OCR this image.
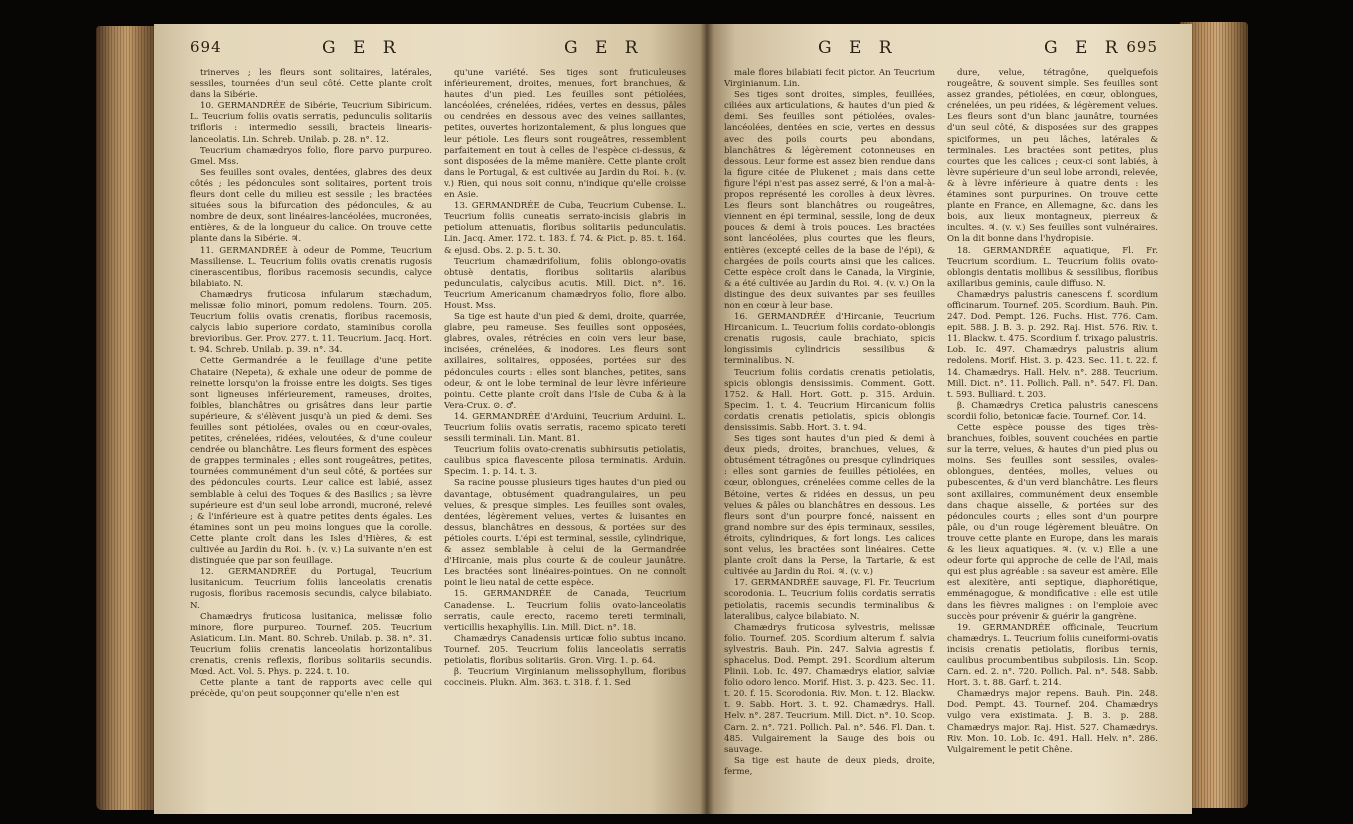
694	G E R	G E R

trinerves ; les fleurs sont solitaires, latérales, sessiles, tournées d'un seul côté. Cette plante croît dans la Sibérie.

10. GERMANDRÉE de Sibérie, Teucrium Sibiricum. L. Teucrium foliis ovatis serratis, pedunculis solitariis trifloris : intermedio sessili, bracteis linearis-lanceolatis. Lin. Schreb. Unilab. p. 28. n°. 12.

Teucrium chamædryos folio, flore parvo purpureo. Gmel. Mss.

Ses feuilles sont ovales, dentées, glabres des deux côtés ; les pédoncules sont solitaires, portent trois fleurs dont celle du milieu est sessile ; les bractées situées sous la bifurcation des pédoncules, & au nombre de deux, sont linéaires-lancéolées, mucronées, entières, & de la longueur du calice. On trouve cette plante dans la Sibérie. ♃.

11. GERMANDRÉE à odeur de Pomme, Teucrium Massiliense. L. Teucrium foliis ovatis crenatis rugosis cinerascentibus, floribus racemosis secundis, calyce bilabiato. N.

Chamædrys fruticosa infularum stæchadum, melissæ folio minori, pomum redolens. Tourn. 205. Teucrium foliis ovatis crenatis, floribus racemosis, calycis labio superiore cordato, staminibus corolla brevioribus. Ger. Prov. 277. t. 11. Teucrium. Jacq. Hort. t. 94. Schreb. Unilab. p. 39. n°. 34.

Cette Germandrée a le feuillage d'une petite Chataire (Nepeta), & exhale une odeur de pomme de reinette lorsqu'on la froisse entre les doigts. Ses tiges sont ligneuses inférieurement, rameuses, droites, foibles, blanchâtres ou grisâtres dans leur partie supérieure, & s'élèvent jusqu'à un pied & demi. Ses feuilles sont pétiolées, ovales ou en cœur-ovales, petites, crénelées, ridées, veloutées, & d'une couleur cendrée ou blanchâtre. Les fleurs forment des espèces de grappes terminales ; elles sont rougeâtres, petites, tournées communément d'un seul côté, & portées sur des pédoncules courts. Leur calice est labié, assez semblable à celui des Toques & des Basilics ; sa lèvre supérieure est d'un seul lobe arrondi, mucroné, relevé ; & l'inférieure est à quatre petites dents égales. Les étamines sont un peu moins longues que la corolle. Cette plante croît dans les Isles d'Hières, & est cultivée au Jardin du Roi. ♄. (v. v.) La suivante n'en est distinguée que par son feuillage.

12. GERMANDRÉE du Portugal, Teucrium lusitanicum. Teucrium foliis lanceolatis crenatis rugosis, floribus racemosis secundis, calyce bilabiato. N.

Chamædrys fruticosa lusitanica, melissæ folio minore, flore purpureo. Tournef. 205. Teucrium Asiaticum. Lin. Mant. 80. Schreb. Unilab. p. 38. n°. 31. Teucrium foliis crenatis lanceolatis horizontalibus crenatis, crenis reflexis, floribus solitariis secundis. Mœd. Act. Vol. 5. Phys. p. 224. t. 10.

Cette plante a tant de rapports avec celle qui précède, qu'on peut soupçonner qu'elle n'en est

qu'une variété. Ses tiges sont fruticuleuses inférieurement, droites, menues, fort branchues, & hautes d'un pied. Les feuilles sont pétiolées, lancéolées, crénelées, ridées, vertes en dessus, pâles ou cendrées en dessous avec des veines saillantes, petites, ouvertes horizontalement, & plus longues que leur pétiole. Les fleurs sont rougeâtres, ressemblent parfaitement en tout à celles de l'espèce ci-dessus, & sont disposées de la même manière. Cette plante croît dans le Portugal, & est cultivée au Jardin du Roi. ♄. (v. v.) Rien, qui nous soit connu, n'indique qu'elle croisse en Asie.

13. GERMANDRÉE de Cuba, Teucrium Cubense. L. Teucrium foliis cuneatis serrato-incisis glabris in petiolum attenuatis, floribus solitariis pedunculatis. Lin. Jacq. Amer. 172. t. 183. f. 74. & Pict. p. 85. t. 164. & ejusd. Obs. 2. p. 5. t. 30.

Teucrium chamædrifolium, foliis oblongo-ovatis obtusè dentatis, floribus solitariis alaribus pedunculatis, calycibus acutis. Mill. Dict. n°. 16. Teucrium Americanum chamædryos folio, flore albo. Houst. Mss.

Sa tige est haute d'un pied & demi, droite, quarrée, glabre, peu rameuse. Ses feuilles sont opposées, glabres, ovales, rétrécies en coin vers leur base, incisées, crénelées, & inodores. Les fleurs sont axillaires, solitaires, opposées, portées sur des pédoncules courts : elles sont blanches, petites, sans odeur, & ont le lobe terminal de leur lèvre inférieure pointu. Cette plante croît dans l'Isle de Cuba & à la Vera-Crux. ⊙. ♂.

14. GERMANDRÉE d'Arduini, Teucrium Arduini. L. Teucrium foliis ovatis serratis, racemo spicato tereti sessili terminali. Lin. Mant. 81.

Teucrium foliis ovato-crenatis subhirsutis petiolatis, caulibus spica flavescente pilosa terminatis. Arduin. Specim. 1. p. 14. t. 3.

Sa racine pousse plusieurs tiges hautes d'un pied ou davantage, obtusément quadrangulaires, un peu velues, & presque simples. Les feuilles sont ovales, dentées, légèrement velues, vertes & luisantes en dessus, blanchâtres en dessous, & portées sur des pétioles courts. L'épi est terminal, sessile, cylindrique, & assez semblable à celui de la Germandrée d'Hircanie, mais plus courte & de couleur jaunâtre. Les bractées sont linéaires-pointues. On ne connoît point le lieu natal de cette espèce.

15. GERMANDRÉE de Canada, Teucrium Canadense. L. Teucrium foliis ovato-lanceolatis serratis, caule erecto, racemo tereti terminali, verticillis hexaphyllis. Lin. Mill. Dict. n°. 18.

Chamædrys Canadensis urticæ folio subtus incano. Tournef. 205. Teucrium foliis lanceolatis serratis petiolatis, floribus solitariis. Gron. Virg. 1. p. 64.

β. Teucrium Virginianum melissophyllum, floribus coccineis. Plukn. Alm. 363. t. 318. f. 1. Sed

G E R	G E R 695

male flores bilabiati fecit pictor. An Teucrium Virginianum. Lin.

Ses tiges sont droites, simples, feuillées, ciliées aux articulations, & hautes d'un pied & demi. Ses feuilles sont pétiolées, ovales-lancéolées, dentées en scie, vertes en dessus avec des poils courts peu abondans, blanchâtres & légèrement cotonneuses en dessous. Leur forme est assez bien rendue dans la figure citée de Plukenet ; mais dans cette figure l'épi n'est pas assez serré, & l'on a mal-à-propos représenté les corolles à deux lèvres. Les fleurs sont blanchâtres ou rougeâtres, viennent en épi terminal, sessile, long de deux pouces & demi à trois pouces. Les bractées sont lancéolées, plus courtes que les fleurs, entières (excepté celles de la base de l'épi), & chargées de poils courts ainsi que les calices. Cette espèce croît dans le Canada, la Virginie, & a été cultivée au Jardin du Roi. ♃. (v. v.) On la distingue des deux suivantes par ses feuilles non en cœur à leur base.

16. GERMANDRÉE d'Hircanie, Teucrium Hircanicum. L. Teucrium foliis cordato-oblongis crenatis rugosis, caule brachiato, spicis longissimis cylindricis sessilibus & terminalibus. N.

Teucrium foliis cordatis crenatis petiolatis, spicis oblongis densissimis. Comment. Gott. 1752. & Hall. Hort. Gott. p. 315. Arduin. Specim. 1. t. 4. Teucrium Hircanicum foliis cordatis crenatis petiolatis, spicis oblongis densissimis. Sabb. Hort. 3. t. 94.

Ses tiges sont hautes d'un pied & demi à deux pieds, droites, branchues, velues, & obtusément tétragônes ou presque cylindriques : elles sont garnies de feuilles pétiolées, en cœur, oblongues, crénelées comme celles de la Bétoine, vertes & ridées en dessus, un peu velues & pâles ou blanchâtres en dessous. Les fleurs sont d'un pourpre foncé, naissent en grand nombre sur des épis terminaux, sessiles, étroits, cylindriques, & fort longs. Les calices sont velus, les bractées sont linéaires. Cette plante croît dans la Perse, la Tartarie, & est cultivée au Jardin du Roi. ♃. (v. v.)

17. GERMANDRÉE sauvage, Fl. Fr. Teucrium scorodonia. L. Teucrium foliis cordatis serratis petiolatis, racemis secundis terminalibus & lateralibus, calyce bilabiato. N.

Chamædrys fruticosa sylvestris, melissæ folio. Tournef. 205. Scordium alterum f. salvia sylvestris. Bauh. Pin. 247. Salvia agrestis f. sphacelus. Dod. Pempt. 291. Scordium alterum Plinii. Lob. Ic. 497. Chamædrys elatior, salviæ folio odoro lenco. Morif. Hist. 3. p. 423. Sec. 11. t. 20. f. 15. Scorodonia. Riv. Mon. t. 12. Blackw. t. 9. Sabb. Hort. 3. t. 92. Chamædrys. Hall. Helv. n°. 287. Teucrium. Mill. Dict. n°. 10. Scop. Carn. 2. n°. 721. Pollich. Pal. n°. 546. Fl. Dan. t. 485. Vulgairement la Sauge des bois ou sauvage.

Sa tige est haute de deux pieds, droite, ferme,

dure, velue, tétragône, quelquefois rougeâtre, & souvent simple. Ses feuilles sont assez grandes, pétiolées, en cœur, oblongues, crénelées, un peu ridées, & légèrement velues. Les fleurs sont d'un blanc jaunâtre, tournées d'un seul côté, & disposées sur des grappes spiciformes, un peu lâches, latérales & terminales. Les bractées sont petites, plus courtes que les calices ; ceux-ci sont labiés, à lèvre supérieure d'un seul lobe arrondi, relevée, & à lèvre inférieure à quatre dents : les étamines sont purpurines. On trouve cette plante en France, en Allemagne, &c. dans les bois, aux lieux montagneux, pierreux & incultes. ♃. (v. v.) Ses feuilles sont vulnéraires. On la dit bonne dans l'hydropisie.

18. GERMANDRÉE aquatique, Fl. Fr. Teucrium scordium. L. Teucrium foliis ovato-oblongis dentatis mollibus & sessilibus, floribus axillaribus geminis, caule diffuso. N.

Chamædrys palustris canescens f. scordium officinarum. Tournef. 205. Scordium. Bauh. Pin. 247. Dod. Pempt. 126. Fuchs. Hist. 776. Cam. epit. 588. J. B. 3. p. 292. Raj. Hist. 576. Riv. t. 11. Blackw. t. 475. Scordium f. trixago palustris. Lob. Ic. 497. Chamædrys palustris alium redolens. Morif. Hist. 3. p. 423. Sec. 11. t. 22. f. 14. Chamædrys. Hall. Helv. n°. 288. Teucrium. Mill. Dict. n°. 11. Pollich. Pall. n°. 547. Fl. Dan. t. 593. Bulliard. t. 203.

β. Chamædrys Cretica palustris canescens scordii folio, betonicæ facie. Tournef. Cor. 14.

Cette espèce pousse des tiges très-branchues, foibles, souvent couchées en partie sur la terre, velues, & hautes d'un pied plus ou moins. Ses feuilles sont sessiles, ovales-oblongues, dentées, molles, velues ou pubescentes, & d'un verd blanchâtre. Les fleurs sont axillaires, communément deux ensemble dans chaque aisselle, & portées sur des pédoncules courts ; elles sont d'un pourpre pâle, ou d'un rouge légèrement bleuâtre. On trouve cette plante en Europe, dans les marais & les lieux aquatiques. ♃. (v. v.) Elle a une odeur forte qui approche de celle de l'Ail, mais qui est plus agréable : sa saveur est amère. Elle est alexitère, anti septique, diaphorétique, emménagogue, & mondificative : elle est utile dans les fièvres malignes : on l'emploie avec succès pour prévenir & guérir la gangrène.

19. GERMANDRÉE officinale, Teucrium chamædrys. L. Teucrium foliis cuneiformi-ovatis incisis crenatis petiolatis, floribus ternis, caulibus procumbentibus subpilosis. Lin. Scop. Carn. ed. 2. n°. 720. Pollich. Pal. n°. 548. Sabb. Hort. 3. t. 88. Garf. t. 214.

Chamædrys major repens. Bauh. Pin. 248. Dod. Pempt. 43. Tournef. 204. Chamædrys vulgo vera existimata. J. B. 3. p. 288. Chamædrys major. Raj. Hist. 527. Chamædrys. Riv. Mon. 10. Lob. Ic. 491. Hall. Helv. n°. 286. Vulgairement le petit Chêne.
